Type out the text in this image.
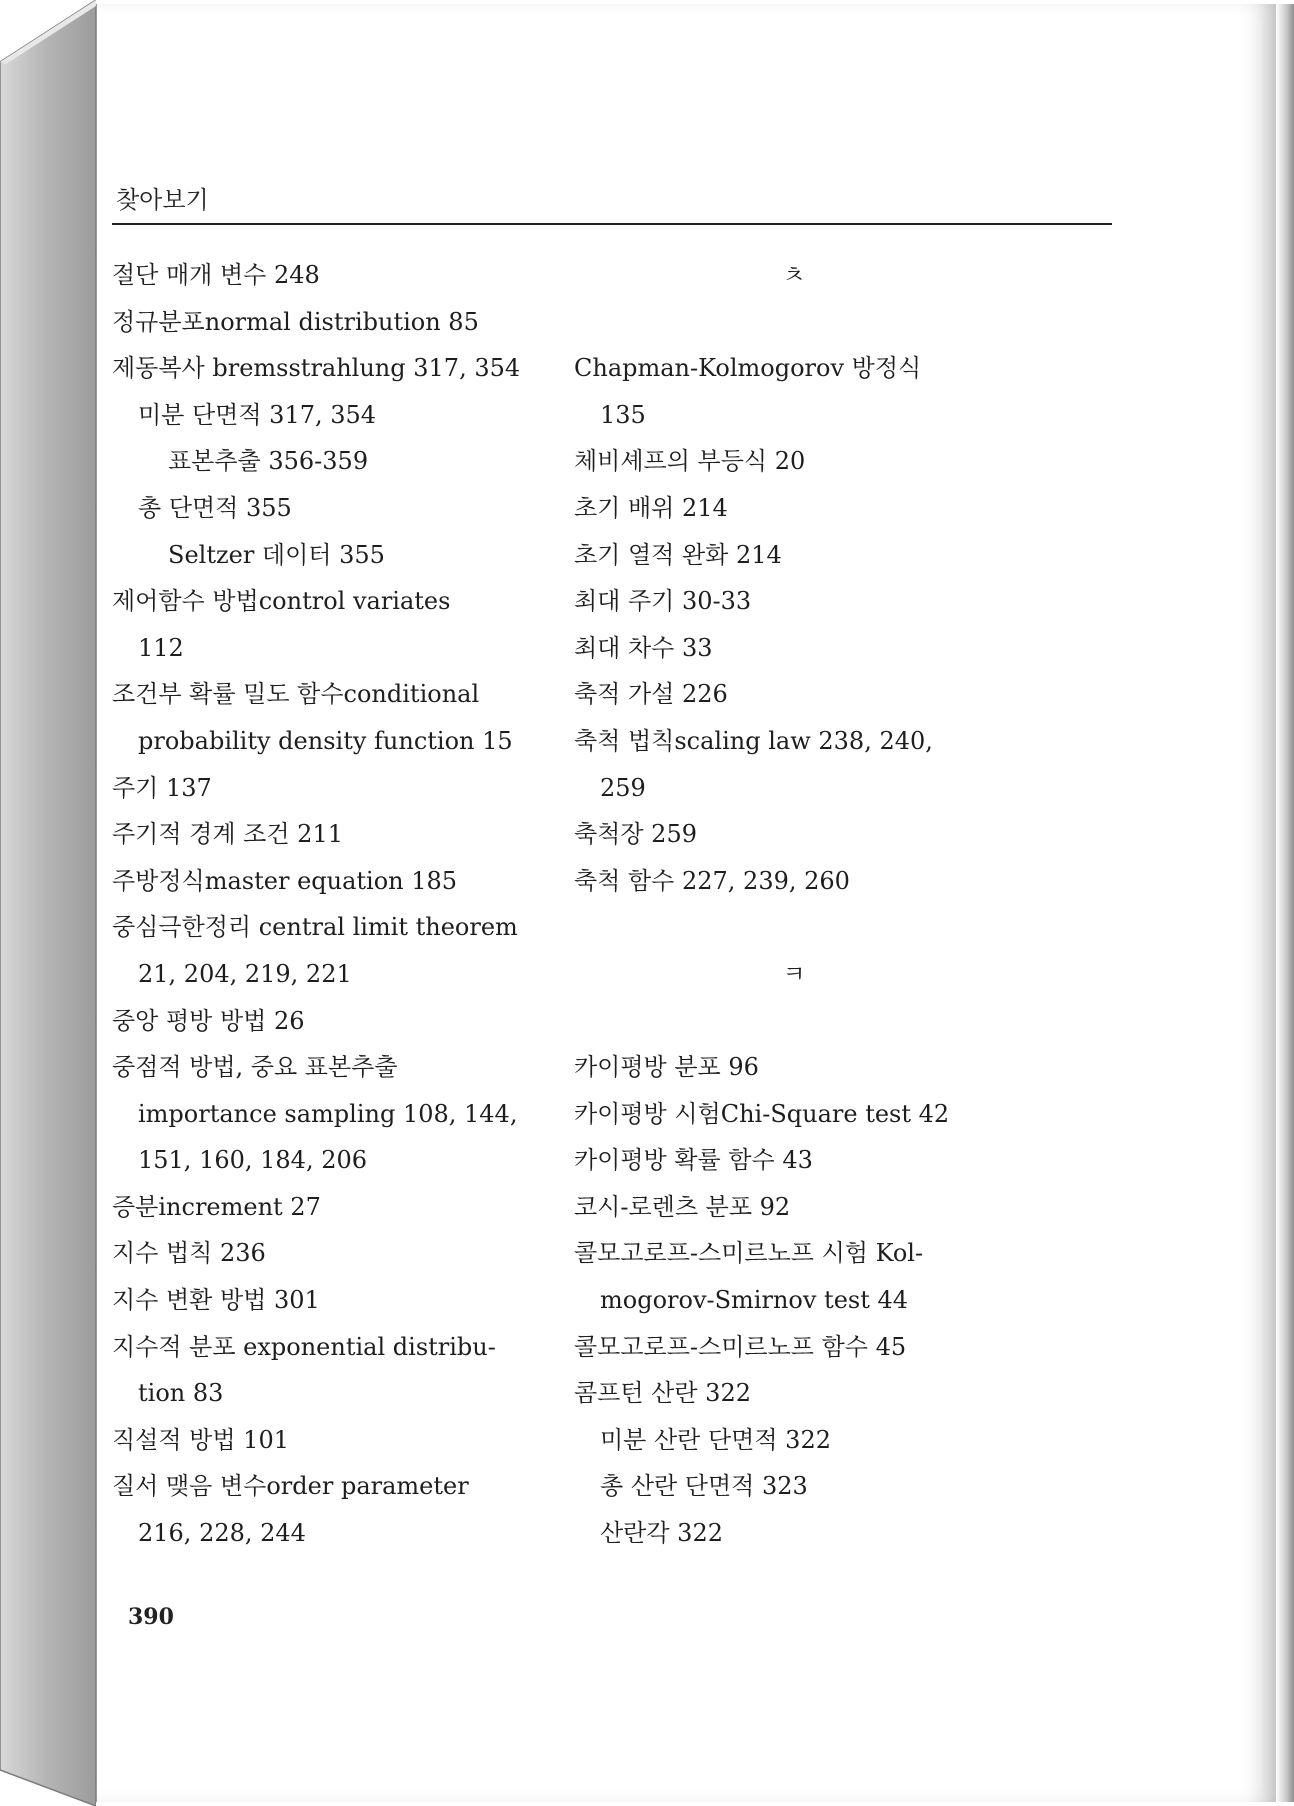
찾아보기
절단 매개 변수 248
정규분포normal distribution 85
제동복사 bremsstrahlung 317, 354
미분 단면적 317, 354
표본추출 356-359
총 단면적 355
Seltzer 데이터 355
제어함수 방법control variates
112
조건부 확률 밀도 함수conditional
probability density function 15
주기 137
주기적 경계 조건 211
주방정식master equation 185
중심극한정리 central limit theorem
21, 204, 219, 221
중앙 평방 방법 26
중점적 방법, 중요 표본추출
importance sampling 108, 144,
151, 160, 184, 206
증분increment 27
지수 법칙 236
지수 변환 방법 301
지수적 분포 exponential distribu-
tion 83
직설적 방법 101
질서 맺음 변수order parameter
216, 228, 244
ㅊ
Chapman-Kolmogorov 방정식
135
체비셰프의 부등식 20
초기 배위 214
초기 열적 완화 214
최대 주기 30-33
최대 차수 33
축적 가설 226
축척 법칙scaling law 238, 240,
259
축척장 259
축척 함수 227, 239, 260
ㅋ
카이평방 분포 96
카이평방 시험Chi-Square test 42
카이평방 확률 함수 43
코시-로렌츠 분포 92
콜모고로프-스미르노프 시험 Kol-
mogorov-Smirnov test 44
콜모고로프-스미르노프 함수 45
콤프턴 산란 322
미분 산란 단면적 322
총 산란 단면적 323
산란각 322
390
